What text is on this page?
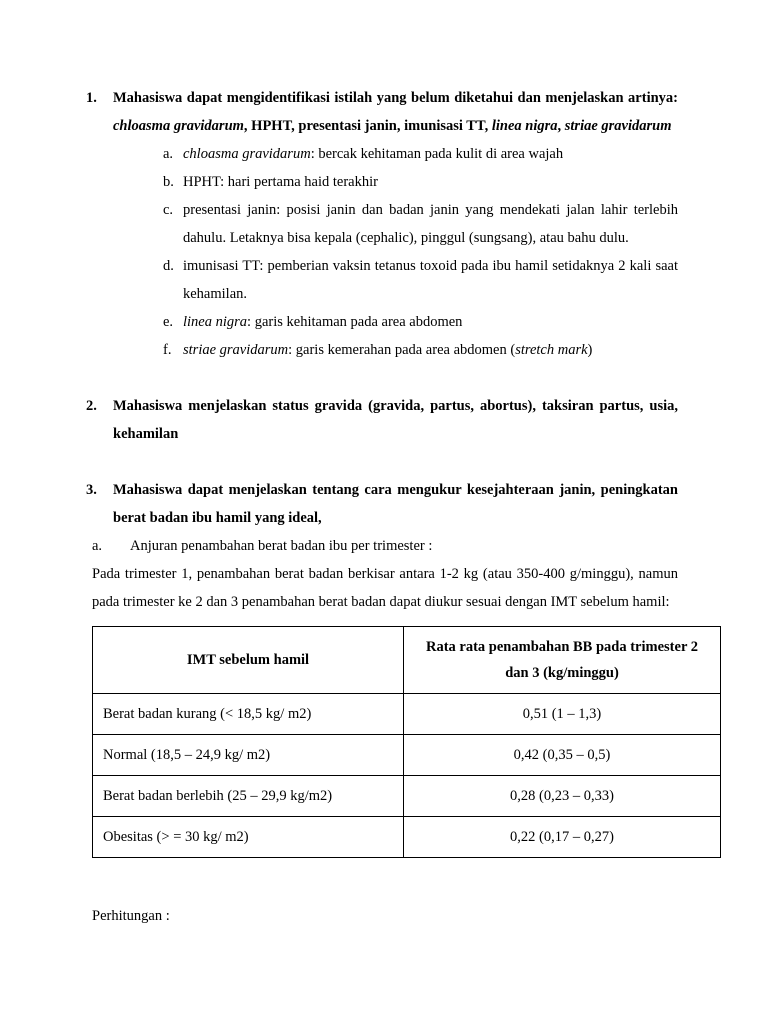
1. Mahasiswa dapat mengidentifikasi istilah yang belum diketahui dan menjelaskan artinya: chloasma gravidarum, HPHT, presentasi janin, imunisasi TT, linea nigra, striae gravidarum
a. chloasma gravidarum: bercak kehitaman pada kulit di area wajah
b. HPHT: hari pertama haid terakhir
c. presentasi janin: posisi janin dan badan janin yang mendekati jalan lahir terlebih dahulu. Letaknya bisa kepala (cephalic), pinggul (sungsang), atau bahu dulu.
d. imunisasi TT: pemberian vaksin tetanus toxoid pada ibu hamil setidaknya 2 kali saat kehamilan.
e. linea nigra: garis kehitaman pada area abdomen
f. striae gravidarum: garis kemerahan pada area abdomen (stretch mark)
2. Mahasiswa menjelaskan status gravida (gravida, partus, abortus), taksiran partus, usia, kehamilan
3. Mahasiswa dapat menjelaskan tentang cara mengukur kesejahteraan janin, peningkatan berat badan ibu hamil yang ideal,
a. Anjuran penambahan berat badan ibu per trimester :
Pada trimester 1, penambahan berat badan berkisar antara 1-2 kg (atau 350-400 g/minggu), namun pada trimester ke 2 dan 3 penambahan berat badan dapat diukur sesuai dengan IMT sebelum hamil:
IMT sebelum hamil	Rata rata penambahan BB pada trimester 2 dan 3 (kg/minggu)
Berat badan kurang (< 18,5 kg/ m2)	0,51 (1 – 1,3)
Normal (18,5 – 24,9 kg/ m2)	0,42 (0,35 – 0,5)
Berat badan berlebih (25 – 29,9 kg/m2)	0,28 (0,23 – 0,33)
Obesitas (> = 30 kg/ m2)	0,22 (0,17 – 0,27)
Perhitungan :
